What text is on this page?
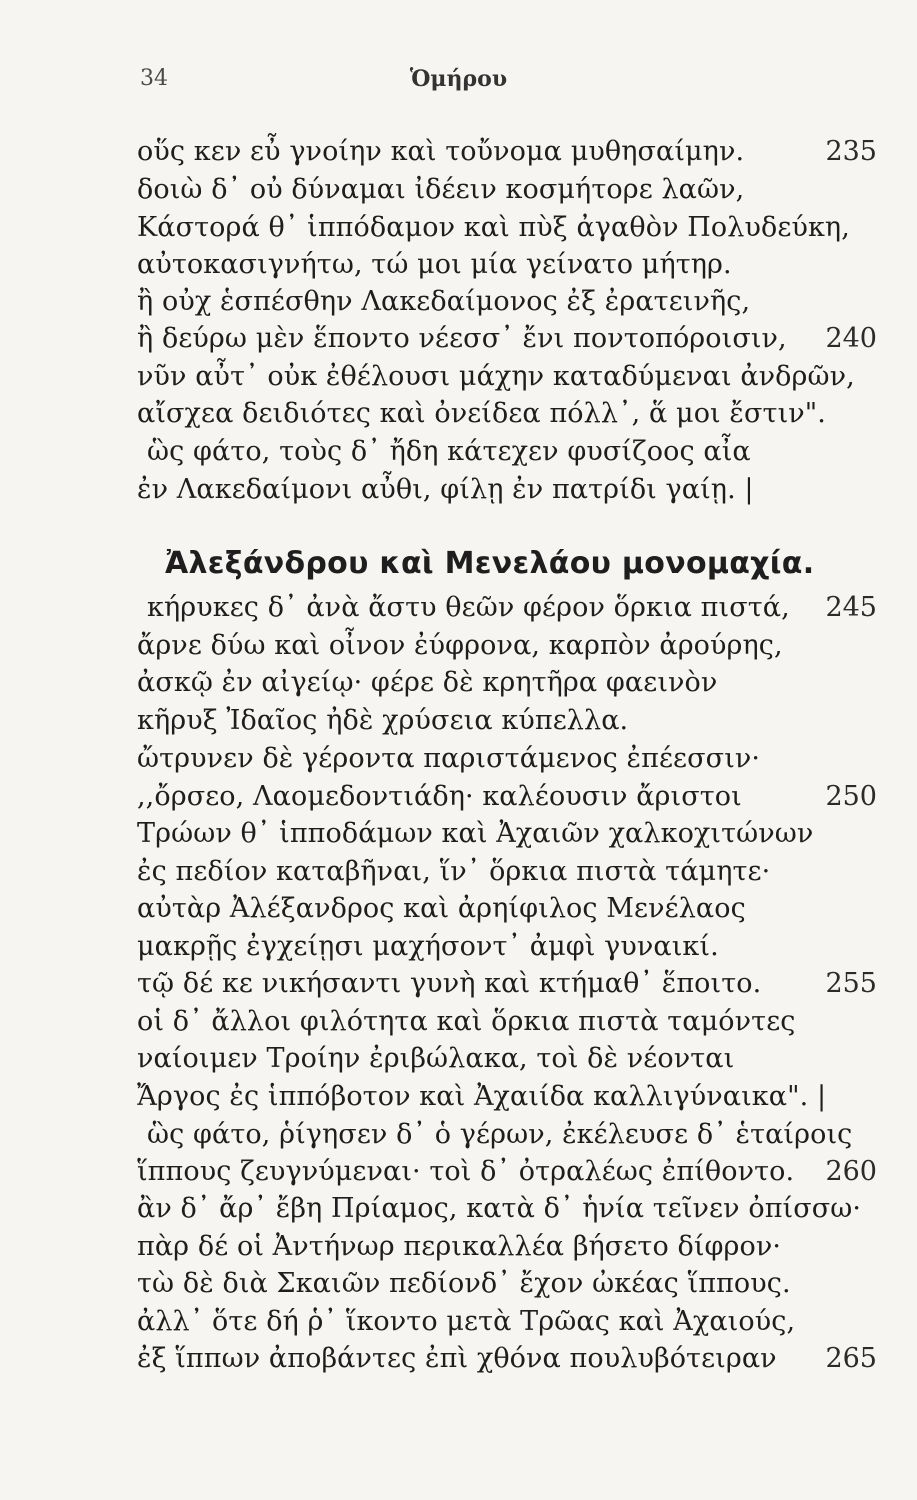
34	Ὁμήρου
οὕς κεν εὖ γνοίην καὶ τοὔνομα μυθησαίμην.	235
δοιὼ δ᾽ οὐ δύναμαι ἰδέειν κοσμήτορε λαῶν,
Κάστορά θ᾽ ἱππόδαμον καὶ πὺξ ἀγαθὸν Πολυδεύκη,
αὐτοκασιγνήτω, τώ μοι μία γείνατο μήτηρ.
ἢ οὐχ ἑσπέσθην Λακεδαίμονος ἐξ ἐρατεινῆς,
ἢ δεύρω μὲν ἕποντο νέεσσ᾽ ἔνι ποντοπόροισιν, 240
νῦν αὖτ᾽ οὐκ ἐθέλουσι μάχην καταδύμεναι ἀνδρῶν,
αἴσχεα δειδιότες καὶ ὀνείδεα πόλλ᾽, ἅ μοι ἔστιν".
ὣς φάτο, τοὺς δ᾽ ἤδη κάτεχεν φυσίζοος αἶα
ἐν Λακεδαίμονι αὖθι, φίλῃ ἐν πατρίδι γαίῃ. |
κήρυκες δ᾽ ἀνὰ ἄστυ θεῶν φέρον ὅρκια πιστά, 245
ἄρνε δύω καὶ οἶνον ἐύφρονα, καρπὸν ἀρούρης,
ἀσκῷ ἐν αἰγείῳ· φέρε δὲ κρητῆρα φαεινὸν
κῆρυξ Ἰδαῖος ἠδὲ χρύσεια κύπελλα.
ὤτρυνεν δὲ γέροντα παριστάμενος ἐπέεσσιν·
,,ὄρσεο, Λαομεδοντιάδη· καλέουσιν ἄριστοι	250
Τρώων θ᾽ ἱπποδάμων καὶ Ἀχαιῶν χαλκοχιτώνων
ἐς πεδίον καταβῆναι, ἵν᾽ ὅρκια πιστὰ τάμητε·
αὐτὰρ Ἀλέξανδρος καὶ ἀρηίφιλος Μενέλαος
μακρῇς ἐγχείῃσι μαχήσοντ᾽ ἀμφὶ γυναικί.
τῷ δέ κε νικήσαντι γυνὴ καὶ κτήμαθ᾽ ἕποιτο. 255
οἱ δ᾽ ἄλλοι φιλότητα καὶ ὅρκια πιστὰ ταμόντες
ναίοιμεν Τροίην ἐριβώλακα, τοὶ δὲ νέονται
Ἄργος ἐς ἱππόβοτον καὶ Ἀχαιίδα καλλιγύναικα". |
ὣς φάτο, ῥίγησεν δ᾽ ὁ γέρων, ἐκέλευσε δ᾽ ἑταίροις
ἵππους ζευγνύμεναι· τοὶ δ᾽ ὀτραλέως ἐπίθοντο. 260
ἂν δ᾽ ἄρ᾽ ἔβη Πρίαμος, κατὰ δ᾽ ἡνία τεῖνεν ὀπίσσω·
πὰρ δέ οἱ Ἀντήνωρ περικαλλέα βήσετο δίφρον·
τὼ δὲ διὰ Σκαιῶν πεδίονδ᾽ ἔχον ὠκέας ἵππους.
ἀλλ᾽ ὅτε δή ῥ᾽ ἵκοντο μετὰ Τρῶας καὶ Ἀχαιούς,
ἐξ ἵππων ἀποβάντες ἐπὶ χθόνα πουλυβότειραν 265
Ἀλεξάνδρου καὶ Μενελάου μονομαχία.
